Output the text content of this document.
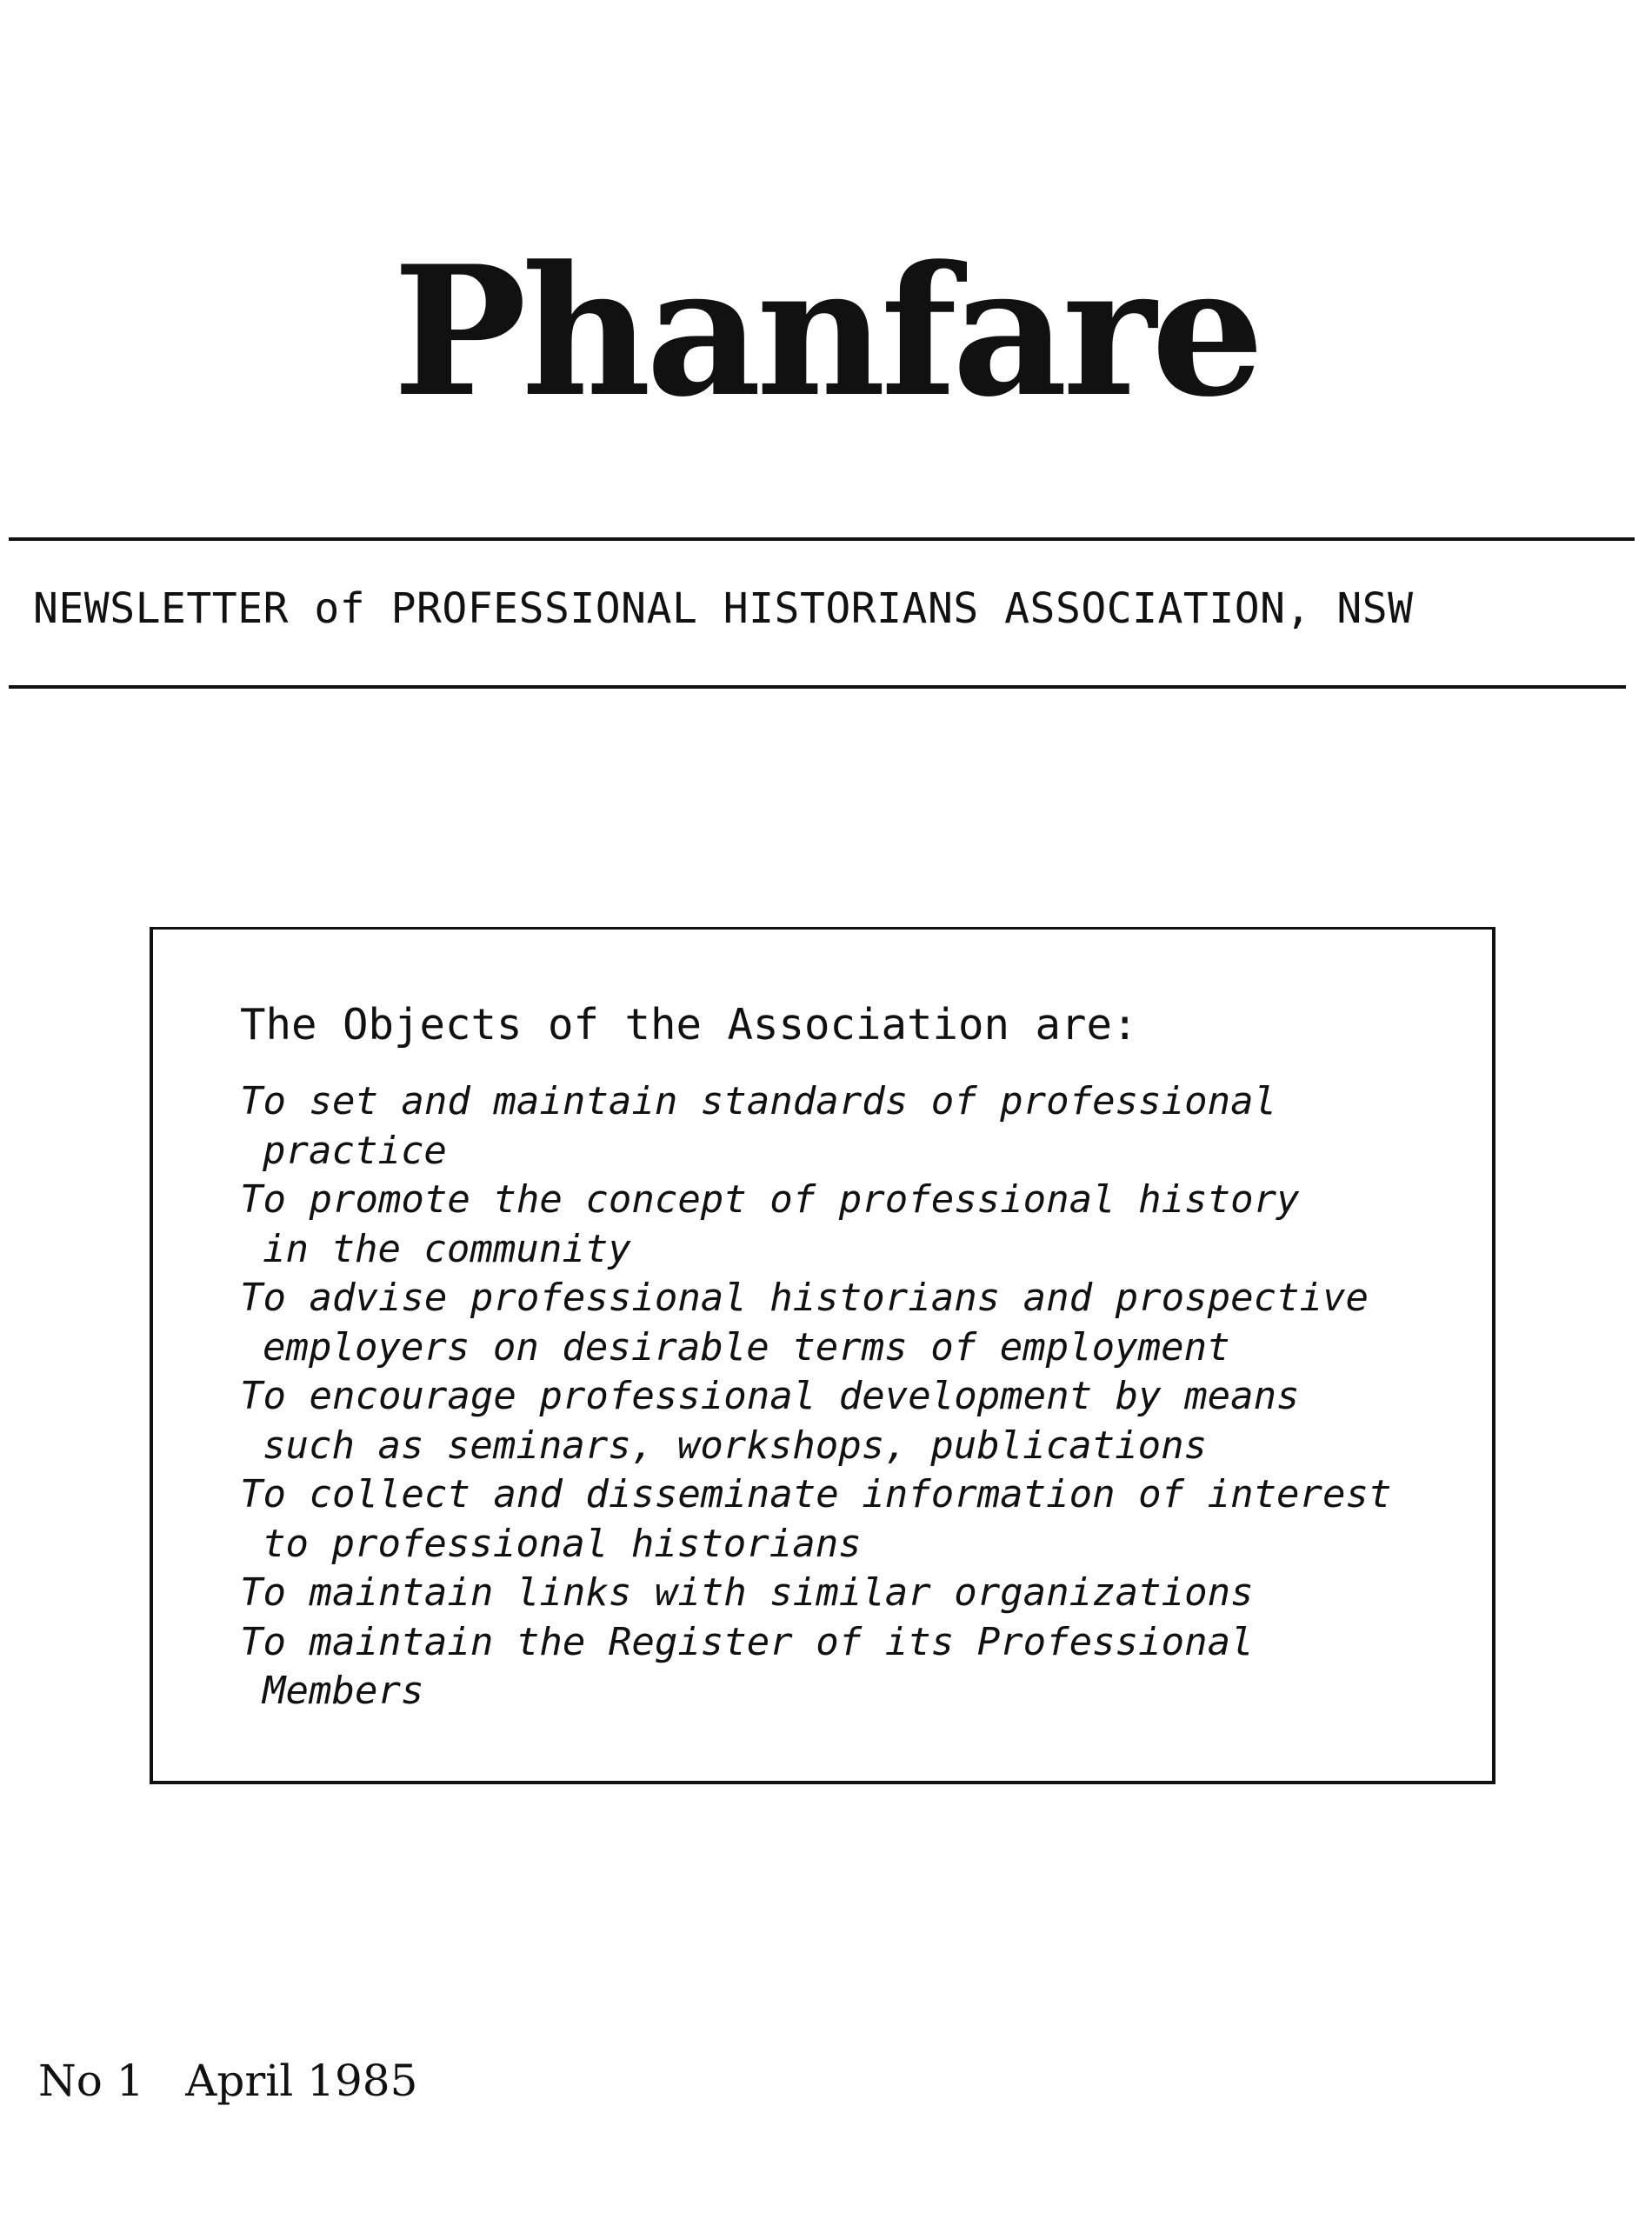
Phanfare

NEWSLETTER of PROFESSIONAL HISTORIANS ASSOCIATION, NSW

The Objects of the Association are:

To set and maintain standards of professional
practice
To promote the concept of professional history
in the community
To advise professional historians and prospective
employers on desirable terms of employment
To encourage professional development by means
such as seminars, workshops, publications
To collect and disseminate information of interest
to professional historians
To maintain links with similar organizations
To maintain the Register of its Professional
Members

No 1 April 1985
